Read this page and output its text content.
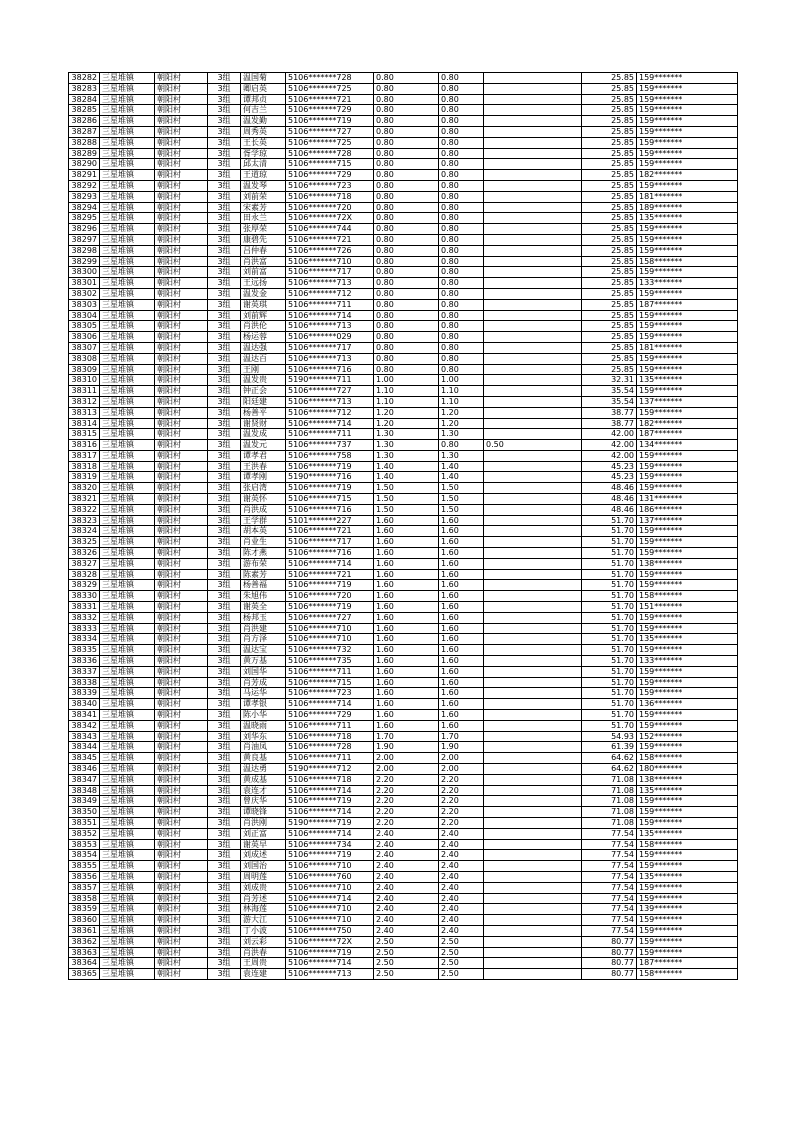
38282	三星堆镇	朝阳村	3组	温国菊	5106*******728	0.80	0.80		25.85	159*******
38283	三星堆镇	朝阳村	3组	卿启英	5106*******725	0.80	0.80		25.85	159*******
38284	三星堆镇	朝阳村	3组	谭邦贞	5106*******721	0.80	0.80		25.85	159*******
38285	三星堆镇	朝阳村	3组	何吉兰	5106*******729	0.80	0.80		25.85	159*******
38286	三星堆镇	朝阳村	3组	温发勤	5106*******719	0.80	0.80		25.85	159*******
38287	三星堆镇	朝阳村	3组	周秀英	5106*******727	0.80	0.80		25.85	159*******
38288	三星堆镇	朝阳村	3组	王长英	5106*******725	0.80	0.80		25.85	159*******
38289	三星堆镇	朝阳村	3组	胥学琼	5106*******728	0.80	0.80		25.85	159*******
38290	三星堆镇	朝阳村	3组	邱太清	5106*******715	0.80	0.80		25.85	159*******
38291	三星堆镇	朝阳村	3组	王道琼	5106*******729	0.80	0.80		25.85	182*******
38292	三星堆镇	朝阳村	3组	温发琴	5106*******723	0.80	0.80		25.85	159*******
38293	三星堆镇	朝阳村	3组	刘前荣	5106*******718	0.80	0.80		25.85	181*******
38294	三星堆镇	朝阳村	3组	宋素芳	5106*******720	0.80	0.80		25.85	189*******
38295	三星堆镇	朝阳村	3组	田永兰	5106*******72X	0.80	0.80		25.85	135*******
38296	三星堆镇	朝阳村	3组	张厚荣	5106*******744	0.80	0.80		25.85	159*******
38297	三星堆镇	朝阳村	3组	康碧先	5106*******721	0.80	0.80		25.85	159*******
38298	三星堆镇	朝阳村	3组	吕仲春	5106*******726	0.80	0.80		25.85	159*******
38299	三星堆镇	朝阳村	3组	肖洪富	5106*******710	0.80	0.80		25.85	158*******
38300	三星堆镇	朝阳村	3组	刘前富	5106*******717	0.80	0.80		25.85	159*******
38301	三星堆镇	朝阳村	3组	王远扬	5106*******713	0.80	0.80		25.85	133*******
38302	三星堆镇	朝阳村	3组	温发金	5106*******712	0.80	0.80		25.85	159*******
38303	三星堆镇	朝阳村	3组	谢英琪	5106*******711	0.80	0.80		25.85	187*******
38304	三星堆镇	朝阳村	3组	刘前辉	5106*******714	0.80	0.80		25.85	159*******
38305	三星堆镇	朝阳村	3组	肖洪伦	5106*******713	0.80	0.80		25.85	159*******
38306	三星堆镇	朝阳村	3组	杨运蓉	5106*******029	0.80	0.80		25.85	159*******
38307	三星堆镇	朝阳村	3组	温达强	5106*******717	0.80	0.80		25.85	181*******
38308	三星堆镇	朝阳村	3组	温达百	5106*******713	0.80	0.80		25.85	159*******
38309	三星堆镇	朝阳村	3组	王刚	5106*******716	0.80	0.80		25.85	159*******
38310	三星堆镇	朝阳村	3组	温发贵	5190*******711	1.00	1.00		32.31	135*******
38311	三星堆镇	朝阳村	3组	钟正会	5106*******727	1.10	1.10		35.54	159*******
38312	三星堆镇	朝阳村	3组	阳廷建	5106*******713	1.10	1.10		35.54	137*******
38313	三星堆镇	朝阳村	3组	杨善平	5106*******712	1.20	1.20		38.77	159*******
38314	三星堆镇	朝阳村	3组	谢贤财	5106*******714	1.20	1.20		38.77	182*******
38315	三星堆镇	朝阳村	3组	温发成	5106*******711	1.30	1.30		42.00	187*******
38316	三星堆镇	朝阳村	3组	温发元	5106*******737	1.30	0.80	0.50	42.00	134*******
38317	三星堆镇	朝阳村	3组	谭孝君	5106*******758	1.30	1.30		42.00	159*******
38318	三星堆镇	朝阳村	3组	王洪春	5106*******719	1.40	1.40		45.23	159*******
38319	三星堆镇	朝阳村	3组	谭孝刚	5190*******716	1.40	1.40		45.23	159*******
38320	三星堆镇	朝阳村	3组	张启湾	5106*******719	1.50	1.50		48.46	159*******
38321	三星堆镇	朝阳村	3组	谢英怀	5106*******715	1.50	1.50		48.46	131*******
38322	三星堆镇	朝阳村	3组	肖洪成	5106*******716	1.50	1.50		48.46	186*******
38323	三星堆镇	朝阳村	3组	王学群	5101*******227	1.60	1.60		51.70	137*******
38324	三星堆镇	朝阳村	3组	胡本英	5106*******721	1.60	1.60		51.70	159*******
38325	三星堆镇	朝阳村	3组	肖业生	5106*******717	1.60	1.60		51.70	159*******
38326	三星堆镇	朝阳村	3组	陈才燕	5106*******716	1.60	1.60		51.70	159*******
38327	三星堆镇	朝阳村	3组	游布荣	5106*******714	1.60	1.60		51.70	138*******
38328	三星堆镇	朝阳村	3组	陈素芳	5106*******721	1.60	1.60		51.70	159*******
38329	三星堆镇	朝阳村	3组	杨善福	5106*******719	1.60	1.60		51.70	159*******
38330	三星堆镇	朝阳村	3组	朱旭伟	5106*******720	1.60	1.60		51.70	158*******
38331	三星堆镇	朝阳村	3组	谢英全	5106*******719	1.60	1.60		51.70	151*******
38332	三星堆镇	朝阳村	3组	杨邦玉	5106*******727	1.60	1.60		51.70	159*******
38333	三星堆镇	朝阳村	3组	肖洪建	5106*******710	1.60	1.60		51.70	159*******
38334	三星堆镇	朝阳村	3组	肖方泽	5106*******710	1.60	1.60		51.70	135*******
38335	三星堆镇	朝阳村	3组	温达宝	5106*******732	1.60	1.60		51.70	159*******
38336	三星堆镇	朝阳村	3组	黄万基	5106*******735	1.60	1.60		51.70	133*******
38337	三星堆镇	朝阳村	3组	刘国华	5106*******711	1.60	1.60		51.70	159*******
38338	三星堆镇	朝阳村	3组	肖芳成	5106*******715	1.60	1.60		51.70	159*******
38339	三星堆镇	朝阳村	3组	马运华	5106*******723	1.60	1.60		51.70	159*******
38340	三星堆镇	朝阳村	3组	谭孝银	5106*******714	1.60	1.60		51.70	136*******
38341	三星堆镇	朝阳村	3组	陈小华	5106*******729	1.60	1.60		51.70	159*******
38342	三星堆镇	朝阳村	3组	温晓雨	5106*******711	1.60	1.60		51.70	159*******
38343	三星堆镇	朝阳村	3组	刘华东	5106*******718	1.70	1.70		54.93	152*******
38344	三星堆镇	朝阳村	3组	肖油凤	5106*******728	1.90	1.90		61.39	159*******
38345	三星堆镇	朝阳村	3组	黄良基	5106*******711	2.00	2.00		64.62	158*******
38346	三星堆镇	朝阳村	3组	温达勇	5190*******712	2.00	2.00		64.62	180*******
38347	三星堆镇	朝阳村	3组	黄成基	5106*******718	2.20	2.20		71.08	138*******
38348	三星堆镇	朝阳村	3组	袁连才	5106*******714	2.20	2.20		71.08	135*******
38349	三星堆镇	朝阳村	3组	曾庆华	5106*******719	2.20	2.20		71.08	159*******
38350	三星堆镇	朝阳村	3组	谭晓锋	5106*******714	2.20	2.20		71.08	159*******
38351	三星堆镇	朝阳村	3组	肖洪刚	5190*******719	2.20	2.20		71.08	159*******
38352	三星堆镇	朝阳村	3组	刘正富	5106*******714	2.40	2.40		77.54	135*******
38353	三星堆镇	朝阳村	3组	谢英早	5106*******734	2.40	2.40		77.54	158*******
38354	三星堆镇	朝阳村	3组	刘成述	5106*******719	2.40	2.40		77.54	159*******
38355	三星堆镇	朝阳村	3组	刘国治	5106*******710	2.40	2.40		77.54	159*******
38356	三星堆镇	朝阳村	3组	周明莲	5106*******760	2.40	2.40		77.54	135*******
38357	三星堆镇	朝阳村	3组	刘成贵	5106*******710	2.40	2.40		77.54	159*******
38358	三星堆镇	朝阳村	3组	肖芳述	5106*******714	2.40	2.40		77.54	159*******
38359	三星堆镇	朝阳村	3组	林海莲	5106*******710	2.40	2.40		77.54	139*******
38360	三星堆镇	朝阳村	3组	游大江	5106*******710	2.40	2.40		77.54	159*******
38361	三星堆镇	朝阳村	3组	丁小波	5106*******750	2.40	2.40		77.54	159*******
38362	三星堆镇	朝阳村	3组	刘云彩	5106*******72X	2.50	2.50		80.77	159*******
38363	三星堆镇	朝阳村	3组	肖洪春	5106*******719	2.50	2.50		80.77	159*******
38364	三星堆镇	朝阳村	3组	王周贵	5106*******714	2.50	2.50		80.77	187*******
38365	三星堆镇	朝阳村	3组	袁连建	5106*******713	2.50	2.50		80.77	158*******
